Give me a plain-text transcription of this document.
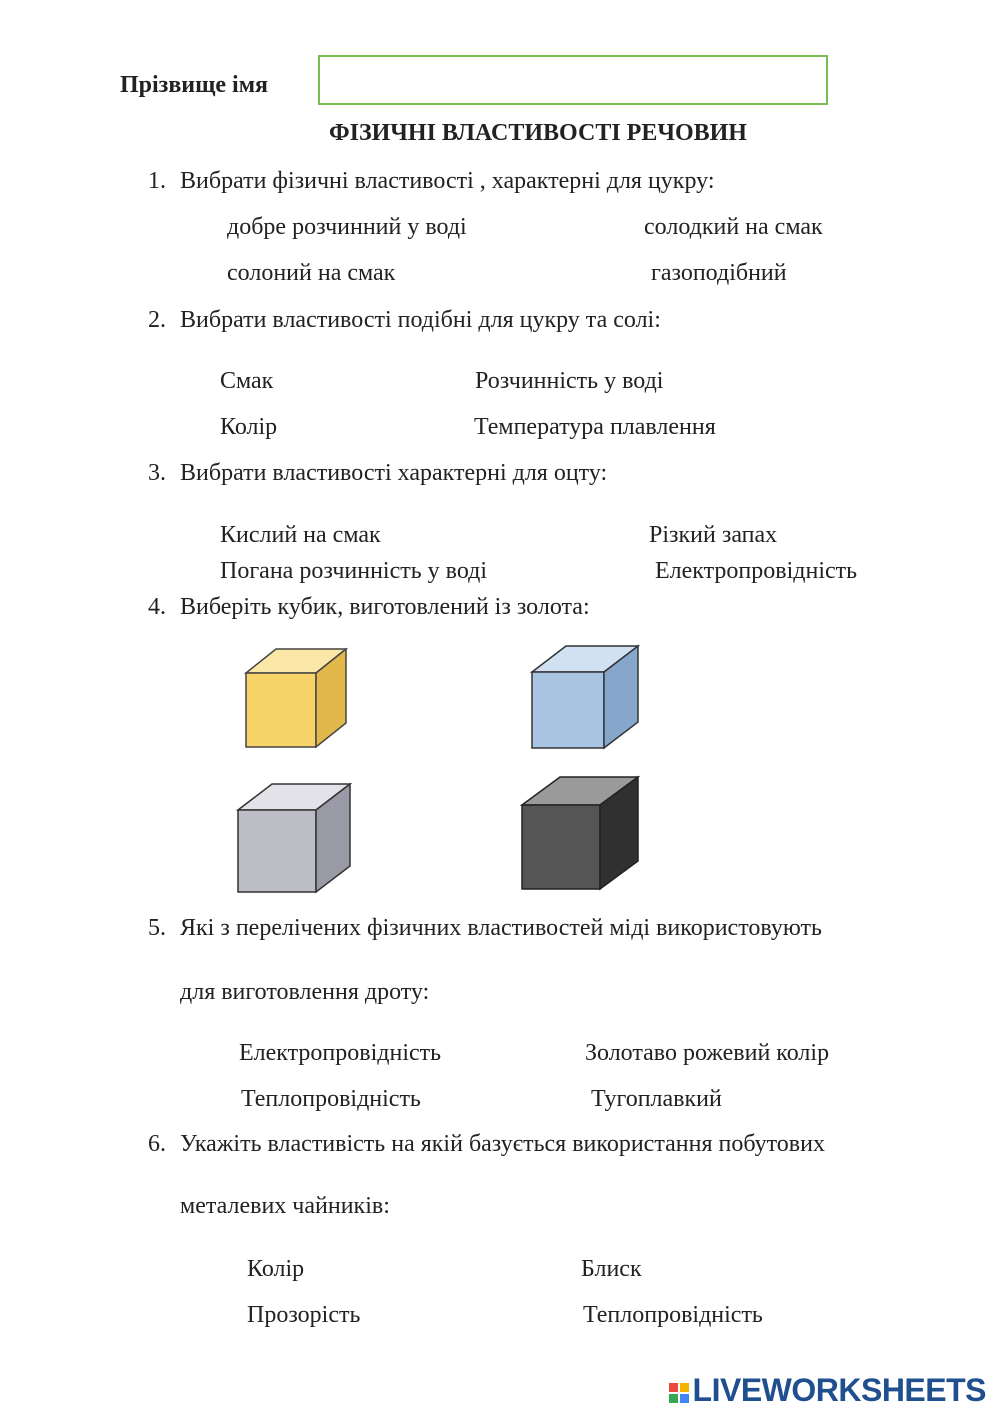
Прізвище імя
ФІЗИЧНІ ВЛАСТИВОСТІ РЕЧОВИН
1. Вибрати фізичні властивості , характерні для цукру:
добре розчинний у воді	солодкий на смак
солоний на смак	газоподібний
2. Вибрати властивості подібні для цукру та солі:
Смак	Розчинність у воді
Колір	Температура плавлення
3. Вибрати властивості характерні для оцту:
Кислий на смак	Різкий запах
Погана розчинність у воді	Електропровідність
4. Виберіть кубик, виготовлений із золота:
5. Які з перелічених фізичних властивостей міді використовують
для виготовлення дроту:
Електропровідність	Золотаво рожевий колір
Теплопровідність	Тугоплавкий
6. Укажіть властивість на якій базується використання побутових
металевих чайників:
Колір	Блиск
Прозорість	Теплопровідність
LIVEWORKSHEETS
